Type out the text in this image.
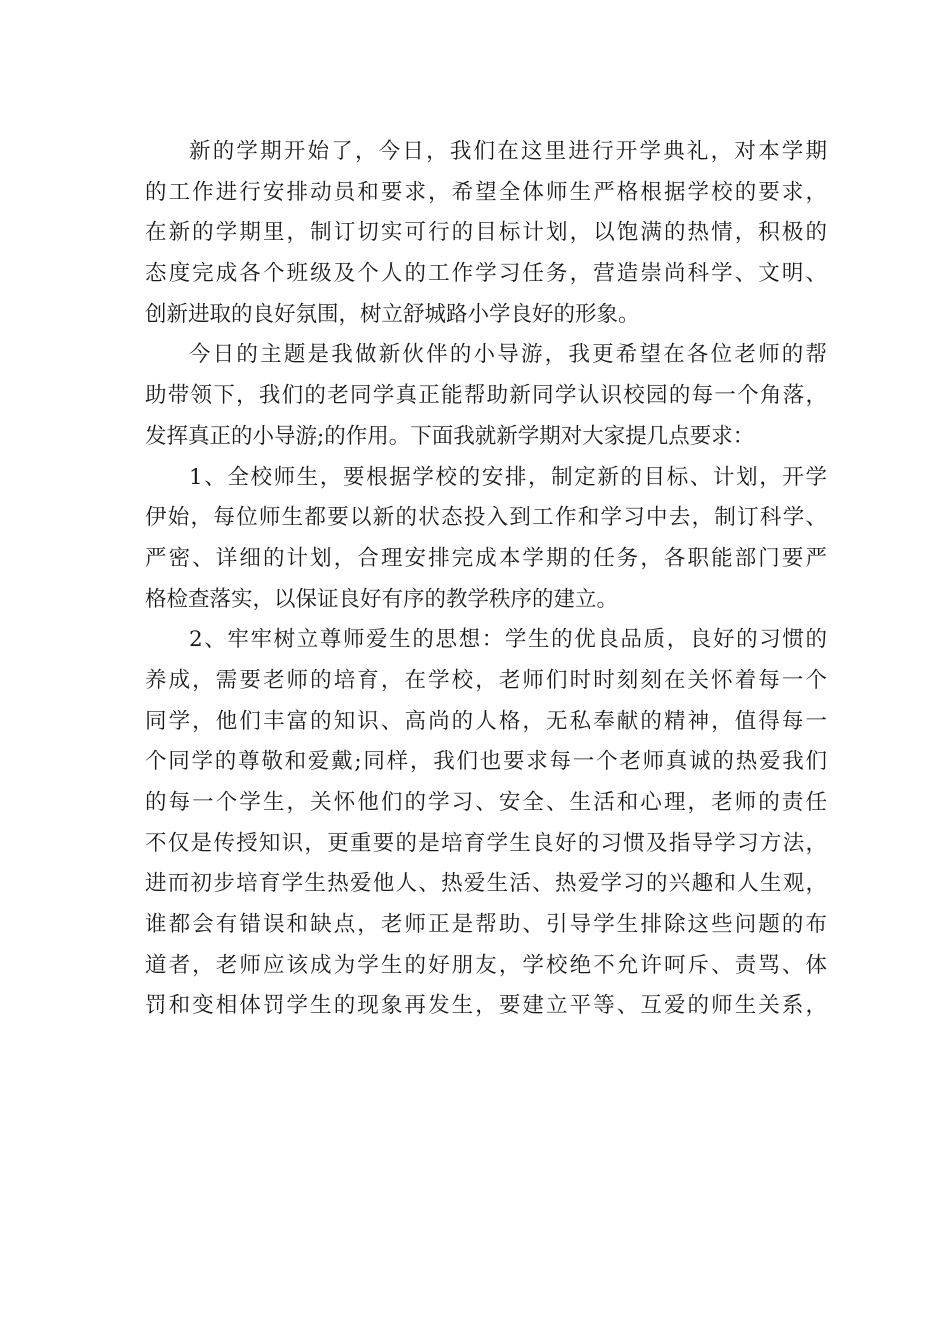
新的学期开始了，今日，我们在这里进行开学典礼，对本学期
的工作进行安排动员和要求，希望全体师生严格根据学校的要求，
在新的学期里，制订切实可行的目标计划，以饱满的热情，积极的
态度完成各个班级及个人的工作学习任务，营造崇尚科学、文明、
创新进取的良好氛围，树立舒城路小学良好的形象。
今日的主题是我做新伙伴的小导游，我更希望在各位老师的帮
助带领下，我们的老同学真正能帮助新同学认识校园的每一个角落，
发挥真正的小导游;的作用。下面我就新学期对大家提几点要求：
1、全校师生，要根据学校的安排，制定新的目标、计划，开学
伊始，每位师生都要以新的状态投入到工作和学习中去，制订科学、
严密、详细的计划，合理安排完成本学期的任务，各职能部门要严
格检查落实，以保证良好有序的教学秩序的建立。
2、牢牢树立尊师爱生的思想：学生的优良品质，良好的习惯的
养成，需要老师的培育，在学校，老师们时时刻刻在关怀着每一个
同学，他们丰富的知识、高尚的人格，无私奉献的精神，值得每一
个同学的尊敬和爱戴;同样，我们也要求每一个老师真诚的热爱我们
的每一个学生，关怀他们的学习、安全、生活和心理，老师的责任
不仅是传授知识，更重要的是培育学生良好的习惯及指导学习方法，
进而初步培育学生热爱他人、热爱生活、热爱学习的兴趣和人生观，
谁都会有错误和缺点，老师正是帮助、引导学生排除这些问题的布
道者，老师应该成为学生的好朋友，学校绝不允许呵斥、责骂、体
罚和变相体罚学生的现象再发生，要建立平等、互爱的师生关系，
